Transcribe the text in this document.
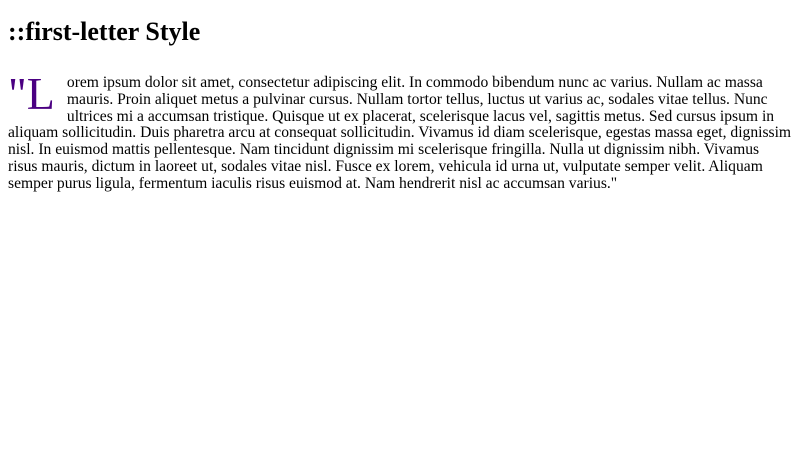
::first-letter Style

"Lorem ipsum dolor sit amet, consectetur adipiscing elit. In commodo bibendum nunc ac varius. Nullam ac massa mauris. Proin aliquet metus a pulvinar cursus. Nullam tortor tellus, luctus ut varius ac, sodales vitae tellus. Nunc ultrices mi a accumsan tristique. Quisque ut ex placerat, scelerisque lacus vel, sagittis metus. Sed cursus ipsum in aliquam sollicitudin. Duis pharetra arcu at consequat sollicitudin. Vivamus id diam scelerisque, egestas massa eget, dignissim nisl. In euismod mattis pellentesque. Nam tincidunt dignissim mi scelerisque fringilla. Nulla ut dignissim nibh. Vivamus risus mauris, dictum in laoreet ut, sodales vitae nisl. Fusce ex lorem, vehicula id urna ut, vulputate semper velit. Aliquam semper purus ligula, fermentum iaculis risus euismod at. Nam hendrerit nisl ac accumsan varius."
